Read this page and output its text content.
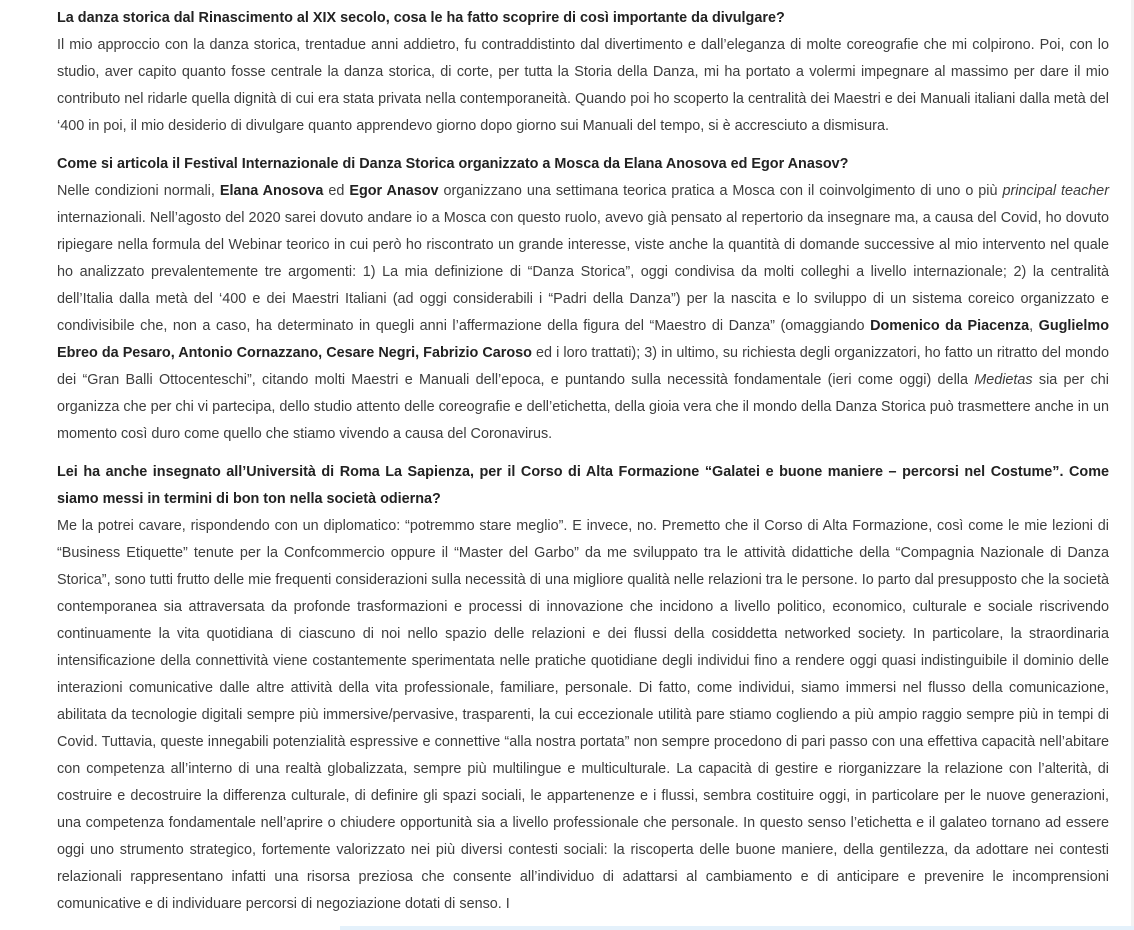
La danza storica dal Rinascimento al XIX secolo, cosa le ha fatto scoprire di così importante da divulgare?

Il mio approccio con la danza storica, trentadue anni addietro, fu contraddistinto dal divertimento e dall’eleganza di molte coreografie che mi colpirono. Poi, con lo studio, aver capito quanto fosse centrale la danza storica, di corte, per tutta la Storia della Danza, mi ha portato a volermi impegnare al massimo per dare il mio contributo nel ridarle quella dignità di cui era stata privata nella contemporaneità. Quando poi ho scoperto la centralità dei Maestri e dei Manuali italiani dalla metà del ‘400 in poi, il mio desiderio di divulgare quanto apprendevo giorno dopo giorno sui Manuali del tempo, si è accresciuto a dismisura.

Come si articola il Festival Internazionale di Danza Storica organizzato a Mosca da Elana Anosova ed Egor Anasov?

Nelle condizioni normali, Elana Anosova ed Egor Anasov organizzano una settimana teorica pratica a Mosca con il coinvolgimento di uno o più principal teacher internazionali. Nell’agosto del 2020 sarei dovuto andare io a Mosca con questo ruolo, avevo già pensato al repertorio da insegnare ma, a causa del Covid, ho dovuto ripiegare nella formula del Webinar teorico in cui però ho riscontrato un grande interesse, viste anche la quantità di domande successive al mio intervento nel quale ho analizzato prevalentemente tre argomenti: 1) La mia definizione di “Danza Storica”, oggi condivisa da molti colleghi a livello internazionale; 2) la centralità dell’Italia dalla metà del ‘400 e dei Maestri Italiani (ad oggi considerabili i “Padri della Danza”) per la nascita e lo sviluppo di un sistema coreico organizzato e condivisibile che, non a caso, ha determinato in quegli anni l’affermazione della figura del “Maestro di Danza” (omaggiando Domenico da Piacenza, Guglielmo Ebreo da Pesaro, Antonio Cornazzano, Cesare Negri, Fabrizio Caroso ed i loro trattati); 3) in ultimo, su richiesta degli organizzatori, ho fatto un ritratto del mondo dei “Gran Balli Ottocenteschi”, citando molti Maestri e Manuali dell’epoca, e puntando sulla necessità fondamentale (ieri come oggi) della Medietas sia per chi organizza che per chi vi partecipa, dello studio attento delle coreografie e dell’etichetta, della gioia vera che il mondo della Danza Storica può trasmettere anche in un momento così duro come quello che stiamo vivendo a causa del Coronavirus.

Lei ha anche insegnato all’Università di Roma La Sapienza, per il Corso di Alta Formazione “Galatei e buone maniere – percorsi nel Costume”. Come siamo messi in termini di bon ton nella società odierna?

Me la potrei cavare, rispondendo con un diplomatico: “potremmo stare meglio”. E invece, no. Premetto che il Corso di Alta Formazione, così come le mie lezioni di “Business Etiquette” tenute per la Confcommercio oppure il “Master del Garbo” da me sviluppato tra le attività didattiche della “Compagnia Nazionale di Danza Storica”, sono tutti frutto delle mie frequenti considerazioni sulla necessità di una migliore qualità nelle relazioni tra le persone. Io parto dal presupposto che la società contemporanea sia attraversata da profonde trasformazioni e processi di innovazione che incidono a livello politico, economico, culturale e sociale riscrivendo continuamente la vita quotidiana di ciascuno di noi nello spazio delle relazioni e dei flussi della cosiddetta networked society. In particolare, la straordinaria intensificazione della connettività viene costantemente sperimentata nelle pratiche quotidiane degli individui fino a rendere oggi quasi indistinguibile il dominio delle interazioni comunicative dalle altre attività della vita professionale, familiare, personale. Di fatto, come individui, siamo immersi nel flusso della comunicazione, abilitata da tecnologie digitali sempre più immersive/pervasive, trasparenti, la cui eccezionale utilità pare stiamo cogliendo a più ampio raggio sempre più in tempi di Covid. Tuttavia, queste innegabili potenzialità espressive e connettive “alla nostra portata” non sempre procedono di pari passo con una effettiva capacità nell’abitare con competenza all’interno di una realtà globalizzata, sempre più multilingue e multiculturale. La capacità di gestire e riorganizzare la relazione con l’alterità, di costruire e decostruire la differenza culturale, di definire gli spazi sociali, le appartenenze e i flussi, sembra costituire oggi, in particolare per le nuove generazioni, una competenza fondamentale nell’aprire o chiudere opportunità sia a livello professionale che personale. In questo senso l’etichetta e il galateo tornano ad essere oggi uno strumento strategico, fortemente valorizzato nei più diversi contesti sociali: la riscoperta delle buone maniere, della gentilezza, da adottare nei contesti relazionali rappresentano infatti una risorsa preziosa che consente all’individuo di adattarsi al cambiamento e di anticipare e prevenire le incomprensioni comunicative e di individuare percorsi di negoziazione dotati di senso. I
